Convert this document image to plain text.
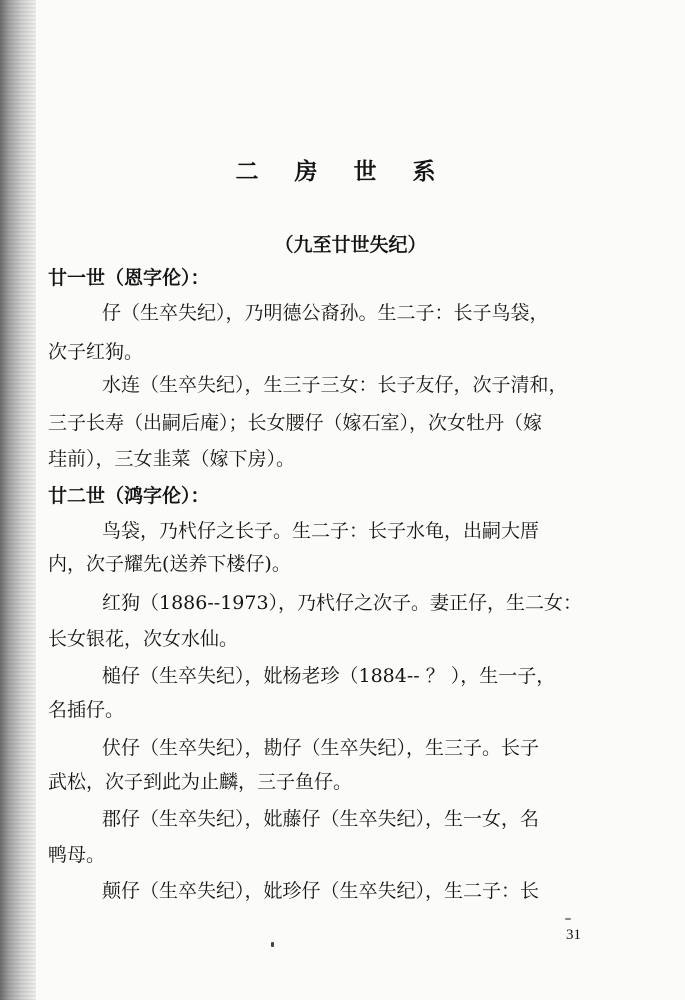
二 房 世 系
（九至廿世失纪）
廿一世（恩字伦）：
仔（生卒失纪），乃明德公裔孙。生二子：长子鸟袋，
次子红狗。
水连（生卒失纪），生三子三女：长子友仔，次子清和，
三子长寿（出嗣后庵）；长女腰仔（嫁石室），次女牡丹（嫁
珪前），三女韭菜（嫁下房）。
廿二世（鸿字伦）：
鸟袋，乃杙仔之长子。生二子：长子水龟，出嗣大厝
内，次子耀先(送养下楼仔)。
红狗（1886--1973），乃杙仔之次子。妻正仔，生二女：
长女银花，次女水仙。
槌仔（生卒失纪），妣杨老珍（1884-- ？ ），生一子，
名插仔。
伏仔（生卒失纪），勘仔（生卒失纪），生三子。长子
武松，次子到此为止麟，三子鱼仔。
郡仔（生卒失纪），妣藤仔（生卒失纪），生一女，名
鸭母。
颠仔（生卒失纪），妣珍仔（生卒失纪），生二子：长
31
